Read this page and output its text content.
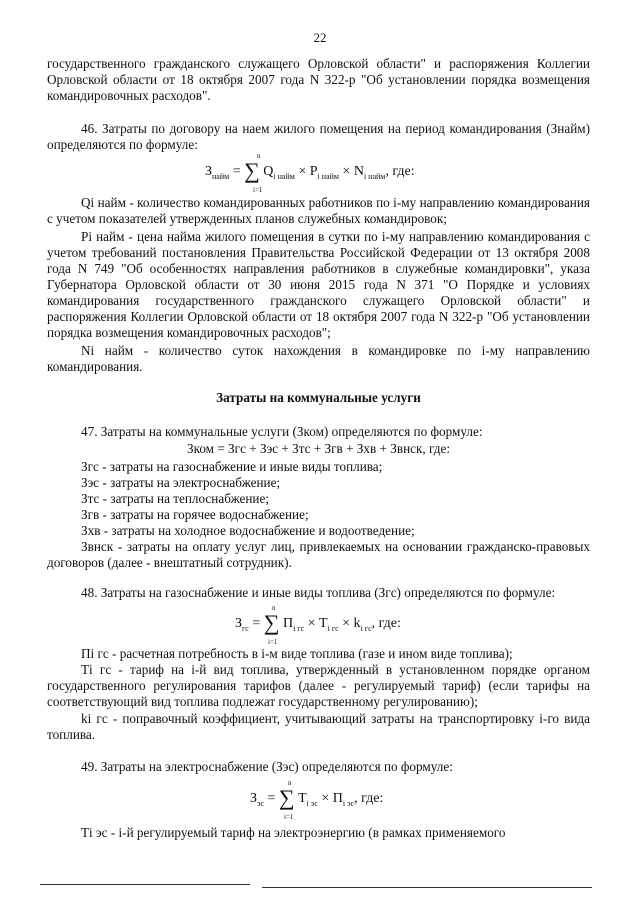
22

государственного гражданского служащего Орловской области" и распоряжения Коллегии Орловской области от 18 октября 2007 года N 322-р "Об установлении порядка возмещения командировочных расходов".

46. Затраты по договору на наем жилого помещения на период командирования (Знайм) определяются по формуле:

$З_{найм}$ = ∑ $Q_{i найм} \times P_{i найм} \times N_{i найм}$, где:
n
i=1

Qi найм - количество командированных работников по i-му направлению командирования с учетом показателей утвержденных планов служебных командировок;

Pi найм - цена найма жилого помещения в сутки по i-му направлению командирования с учетом требований постановления Правительства Российской Федерации от 13 октября 2008 года N 749 "Об особенностях направления работников в служебные командировки", указа Губернатора Орловской области от 30 июня 2015 года N 371 "О Порядке и условиях командирования государственного гражданского служащего Орловской области" и распоряжения Коллегии Орловской области от 18 октября 2007 года N 322-р "Об установлении порядка возмещения командировочных расходов";

Ni найм - количество суток нахождения в командировке по i-му направлению командирования.

Затраты на коммунальные услуги

47. Затраты на коммунальные услуги (Зком) определяются по формуле:

Зком = Згс + Зэс + Зтс + Згв + Зхв + Звнск, где:

Згс - затраты на газоснабжение и иные виды топлива;

Зэс - затраты на электроснабжение;

Зтс - затраты на теплоснабжение;

Згв - затраты на горячее водоснабжение;

Зхв - затраты на холодное водоснабжение и водоотведение;

Звнск - затраты на оплату услуг лиц, привлекаемых на основании гражданско-правовых договоров (далее - внештатный сотрудник).

48. Затраты на газоснабжение и иные виды топлива (Згс) определяются по формуле:

$З_{гс}$ = ∑ $П_{i гс} \times T_{i гс} \times k_{i гс}$, где:
n
i=1

Пi гс - расчетная потребность в i-м виде топлива (газе и ином виде топлива);

Тi гс - тариф на i-й вид топлива, утвержденный в установленном порядке органом государственного регулирования тарифов (далее - регулируемый тариф) (если тарифы на соответствующий вид топлива подлежат государственному регулированию);

ki гс - поправочный коэффициент, учитывающий затраты на транспортировку i-го вида топлива.

49. Затраты на электроснабжение (Зэс) определяются по формуле:

$З_{эс}$ = ∑ $T_{i эс} \times П_{i эс}$, где:
n
i=1

Тi эс - i-й регулируемый тариф на электроэнергию (в рамках применяемого
